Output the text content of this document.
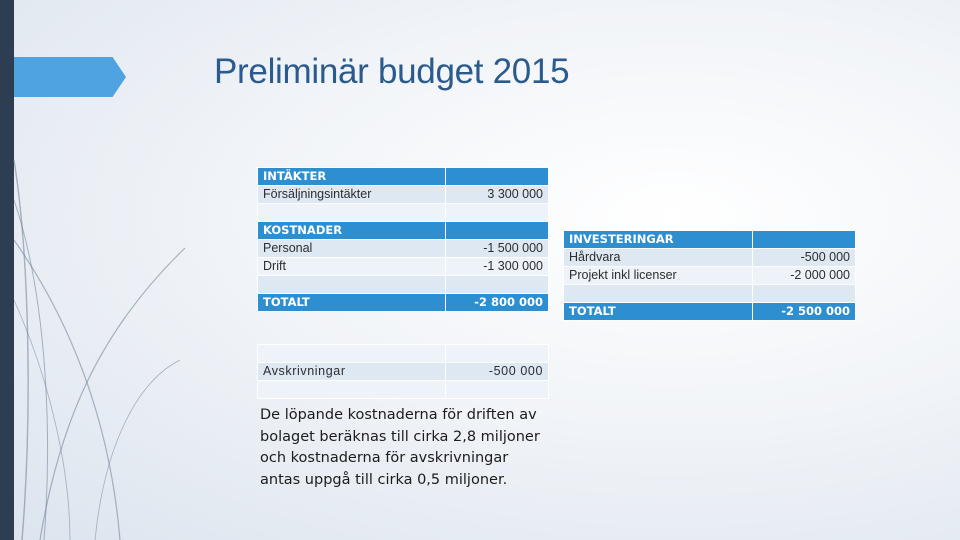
Preliminär budget 2015
INTÄKTER	
Försäljningsintäkter	3 300 000

KOSTNADER	
Personal	-1 500 000
Drift	-1 300 000

TOTALT	-2 800 000
INVESTERINGAR	
Hårdvara	-500 000
Projekt inkl licenser	-2 000 000

TOTALT	-2 500 000

Avskrivningar	-500 000

De löpande kostnaderna för driften av
bolaget beräknas till cirka 2,8 miljoner
och kostnaderna för avskrivningar
antas uppgå till cirka 0,5 miljoner.
